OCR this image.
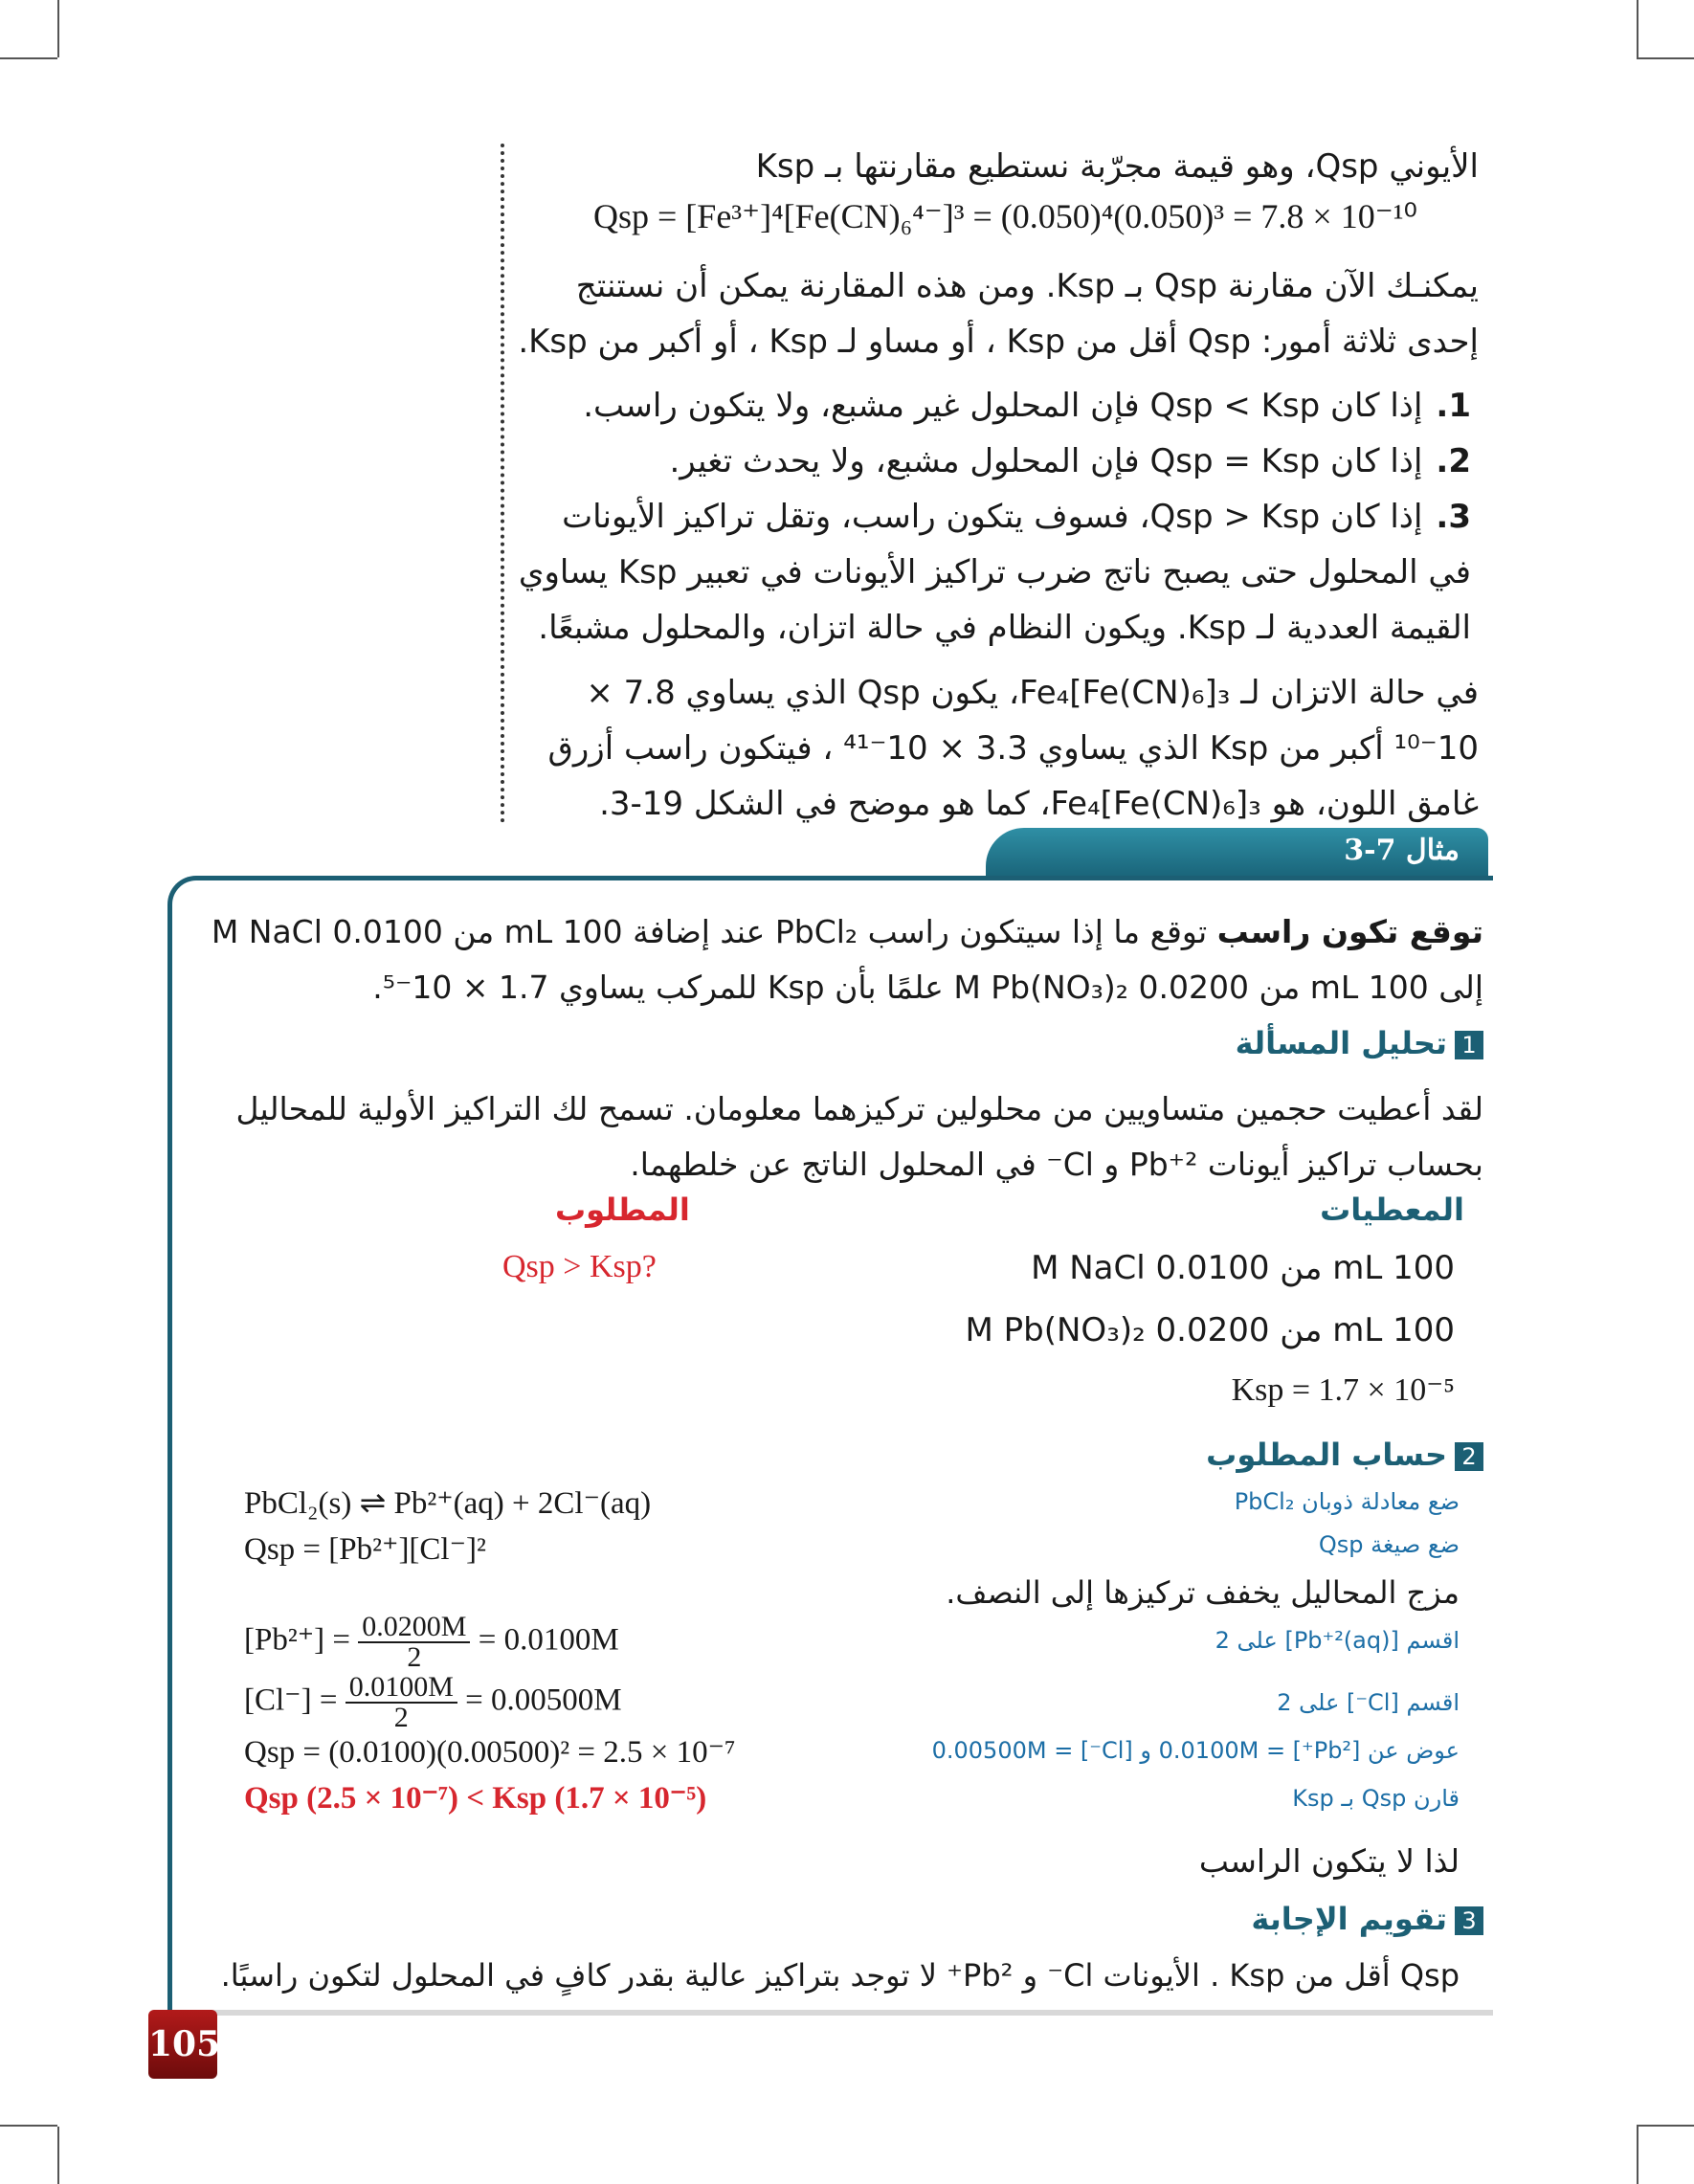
الأيوني Qsp، وهو قيمة مجرّبة نستطيع مقارنتها بـ Ksp

Qsp = [Fe³⁺]⁴[Fe(CN)₆⁴⁻]³ = (0.050)⁴(0.050)³ = 7.8 × 10⁻¹⁰

يمكنـك الآن مقارنة Qsp بـ Ksp. ومن هذه المقارنة يمكن أن نستنتج إحدى ثلاثة أمور: Qsp أقل من Ksp ، أو مساو لـ Ksp ، أو أكبر من Ksp.

1.إذا كان Qsp < Ksp فإن المحلول غير مشبع، ولا يتكون راسب.

2.إذا كان Qsp = Ksp فإن المحلول مشبع، ولا يحدث تغير.

3.إذا كان Qsp > Ksp، فسوف يتكون راسب، وتقل تراكيز الأيونات في المحلول حتى يصبح ناتج ضرب تراكيز الأيونات في تعبير Ksp يساوي القيمة العددية لـ Ksp. ويكون النظام في حالة اتزان، والمحلول مشبعًا.

في حالة الاتزان لـ Fe₄[Fe(CN)₆]₃، يكون Qsp الذي يساوي 7.8 × 10⁻¹⁰ أكبر من Ksp الذي يساوي 3.3 × 10⁻⁴¹ ، فيتكون راسب أزرق غامق اللون، هو Fe₄[Fe(CN)₆]₃، كما هو موضح في الشكل 19-3.

مثال 7-3
توقع تكون راسب توقع ما إذا سيتكون راسب PbCl₂ عند إضافة 100 mL من 0.0100 M NaCl إلى 100 mL من 0.0200 M Pb(NO₃)₂ علمًا بأن Ksp للمركب يساوي 1.7 × 10⁻⁵.
1تحليل المسألة
لقد أعطيت حجمين متساويين من محلولين تركيزهما معلومان. تسمح لك التراكيز الأولية للمحاليل بحساب تراكيز أيونات Pb⁺² و Cl⁻ في المحلول الناتج عن خلطهما.
المعطيات
المطلوب
100 mL من 0.0100 M NaCl
Qsp > Ksp?
100 mL من 0.0200 M Pb(NO₃)₂
Ksp = 1.7 × 10⁻⁵
2حساب المطلوب
ضع معادلة ذوبان PbCl₂
ضع صيغة Qsp
مزج المحاليل يخفف تركيزها إلى النصف.
اقسم [Pb⁺²(aq)] على 2
اقسم [Cl⁻] على 2
عوض عن [Pb²⁺] = 0.0100M و [Cl⁻] = 0.00500M
قارن Qsp بـ Ksp
PbCl₂(s) ⇌ Pb²⁺(aq) + 2Cl⁻(aq)
Qsp = [Pb²⁺][Cl⁻]²
$[Pb^{2+}] = \frac{0.0200M}{2} = 0.0100M$
$[Cl^-] = \frac{0.0100M}{2} = 0.00500M$
Qsp = (0.0100)(0.00500)² = 2.5 × 10⁻⁷
Qsp (2.5 × 10⁻⁷) < Ksp (1.7 × 10⁻⁵)
لذا لا يتكون الراسب
3تقويم الإجابة
Qsp أقل من Ksp . الأيونات Cl⁻ و Pb²⁺ لا توجد بتراكيز عالية بقدر كافٍ في المحلول لتكون راسبًا.
105
